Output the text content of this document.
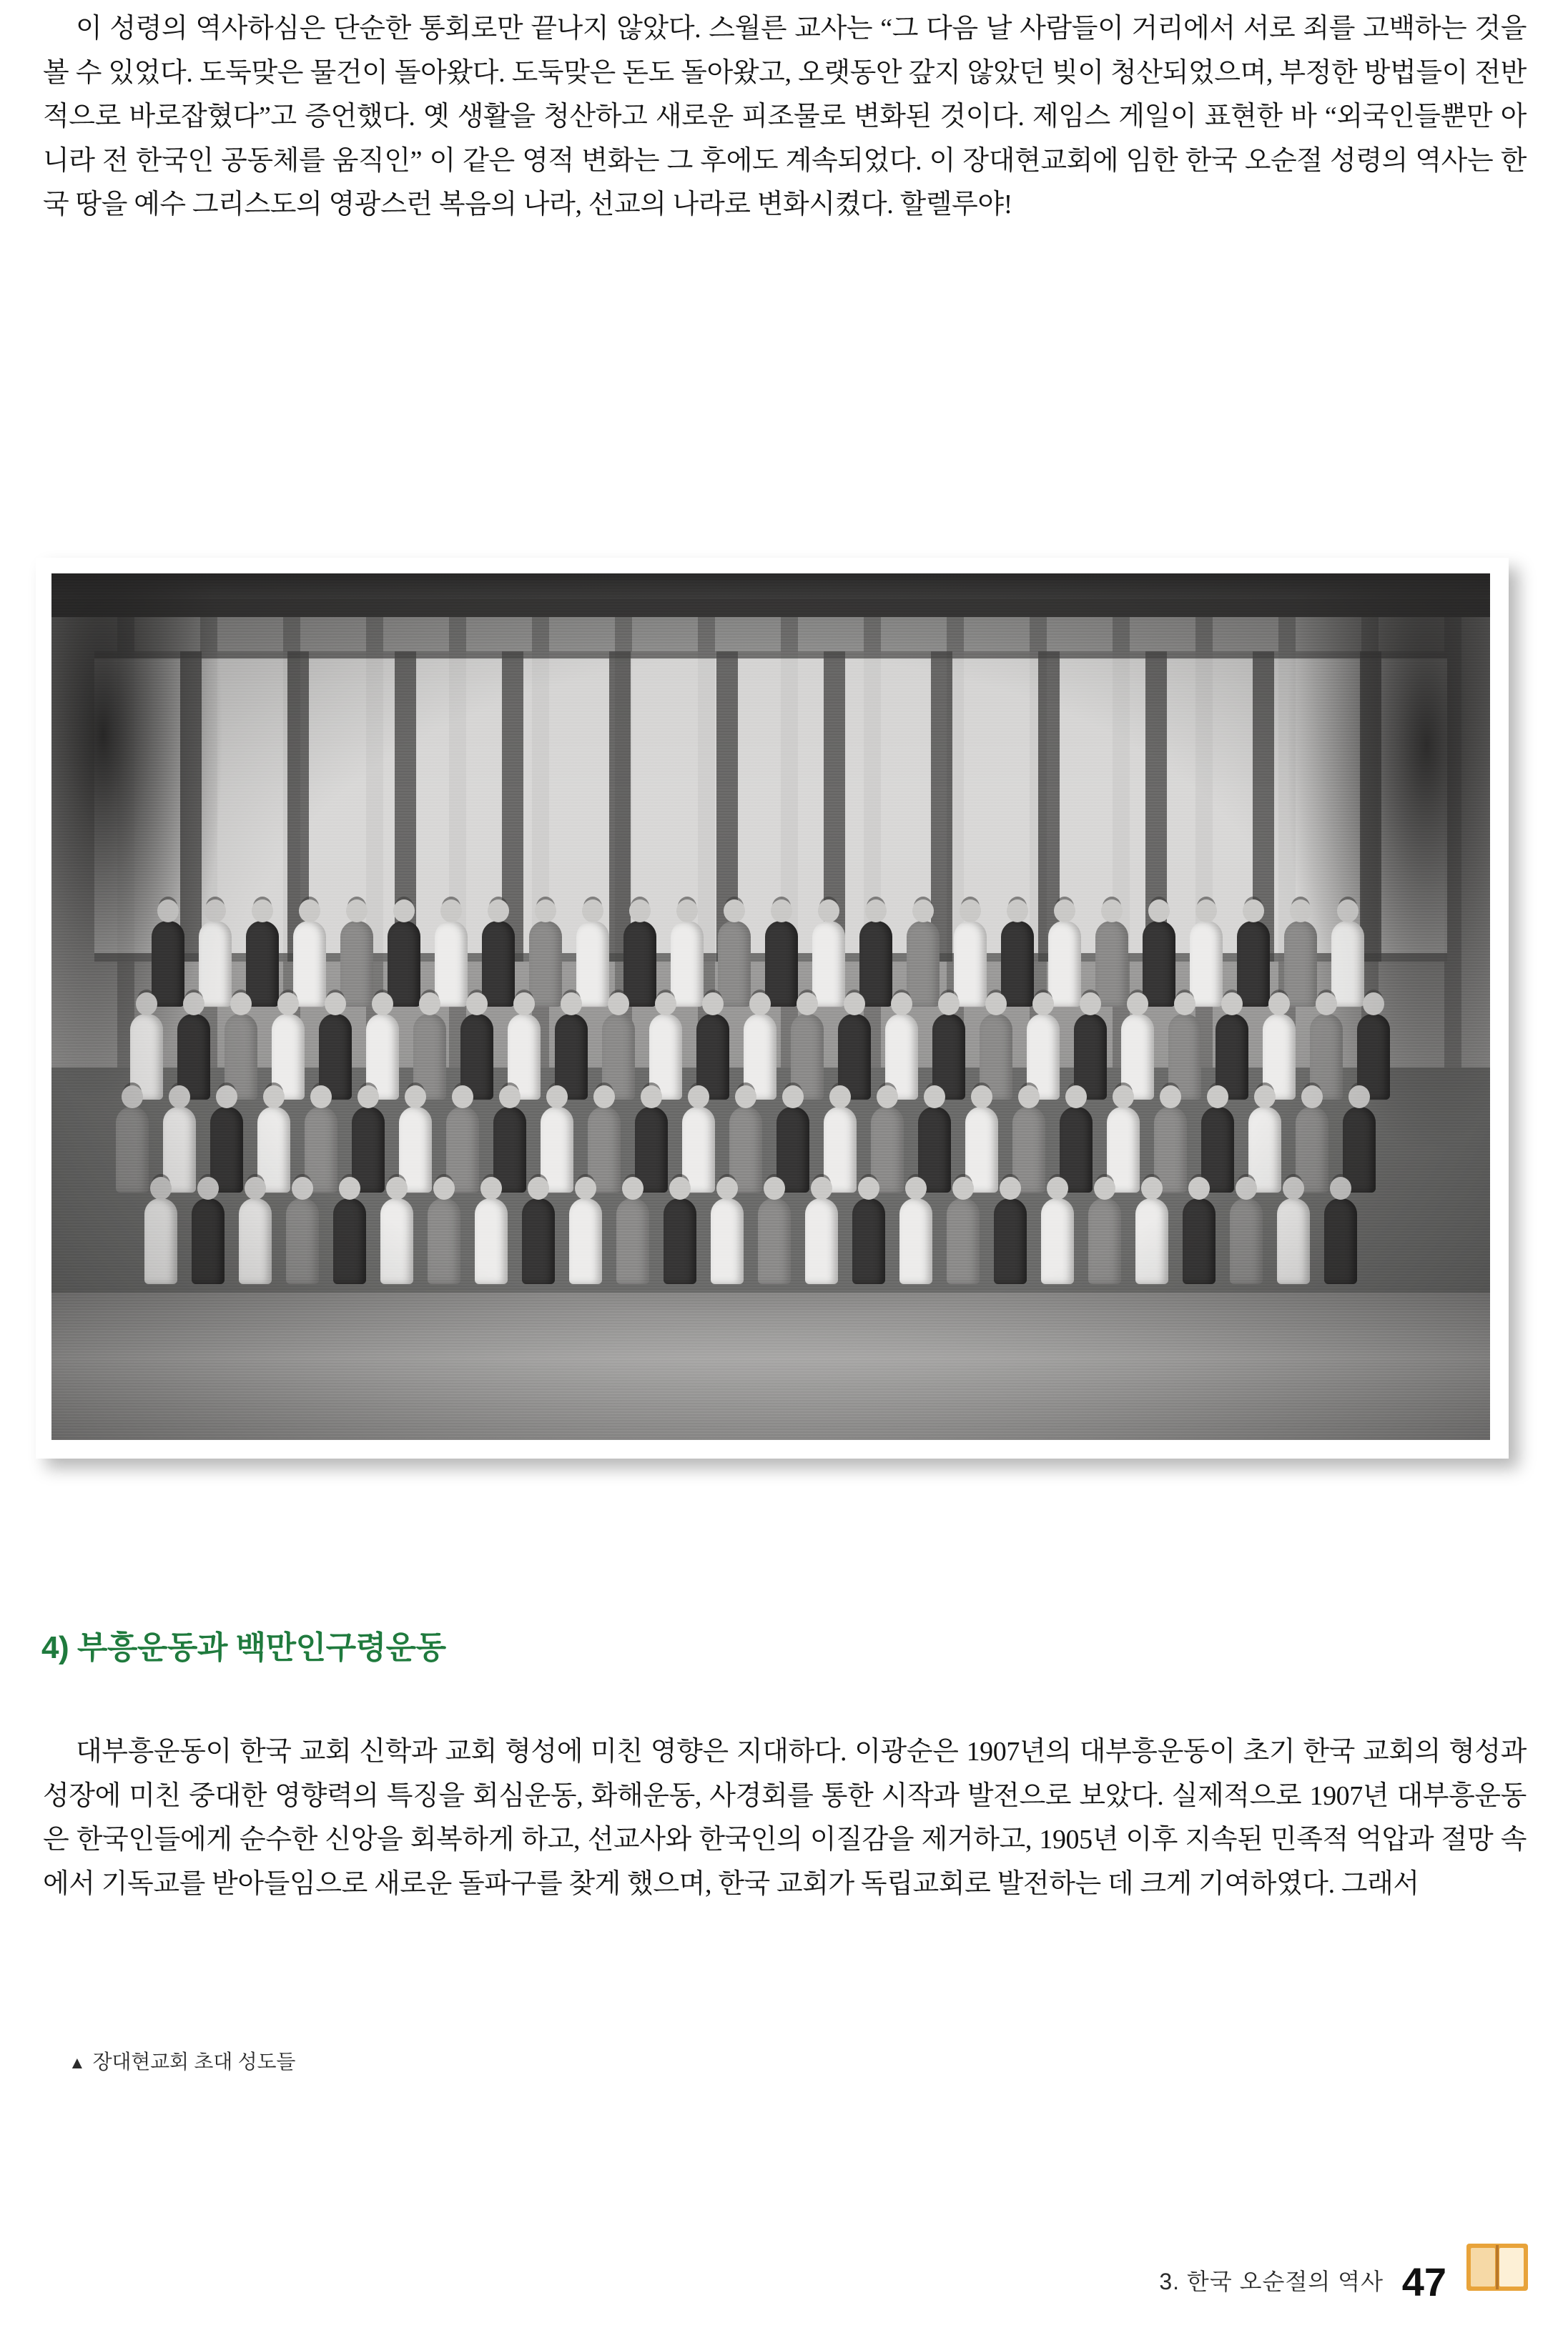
이 성령의 역사하심은 단순한 통회로만 끝나지 않았다. 스월른 교사는 “그 다음 날 사람들이 거리에서 서로 죄를 고백하는 것을 볼 수 있었다. 도둑맞은 물건이 돌아왔다. 도둑맞은 돈도 돌아왔고, 오랫동안 갚지 않았던 빚이 청산되었으며, 부정한 방법들이 전반적으로 바로잡혔다”고 증언했다. 옛 생활을 청산하고 새로운 피조물로 변화된 것이다. 제임스 게일이 표현한 바 “외국인들뿐만 아니라 전 한국인 공동체를 움직인” 이 같은 영적 변화는 그 후에도 계속되었다. 이 장대현교회에 임한 한국 오순절 성령의 역사는 한국 땅을 예수 그리스도의 영광스런 복음의 나라, 선교의 나라로 변화시켰다. 할렐루야!

▲ 장대현교회 초대 성도들
4) 부흥운동과 백만인구령운동

대부흥운동이 한국 교회 신학과 교회 형성에 미친 영향은 지대하다. 이광순은 1907년의 대부흥운동이 초기 한국 교회의 형성과 성장에 미친 중대한 영향력의 특징을 회심운동, 화해운동, 사경회를 통한 시작과 발전으로 보았다. 실제적으로 1907년 대부흥운동은 한국인들에게 순수한 신앙을 회복하게 하고, 선교사와 한국인의 이질감을 제거하고, 1905년 이후 지속된 민족적 억압과 절망 속에서 기독교를 받아들임으로 새로운 돌파구를 찾게 했으며, 한국 교회가 독립교회로 발전하는 데 크게 기여하였다. 그래서

3. 한국 오순절의 역사 47
